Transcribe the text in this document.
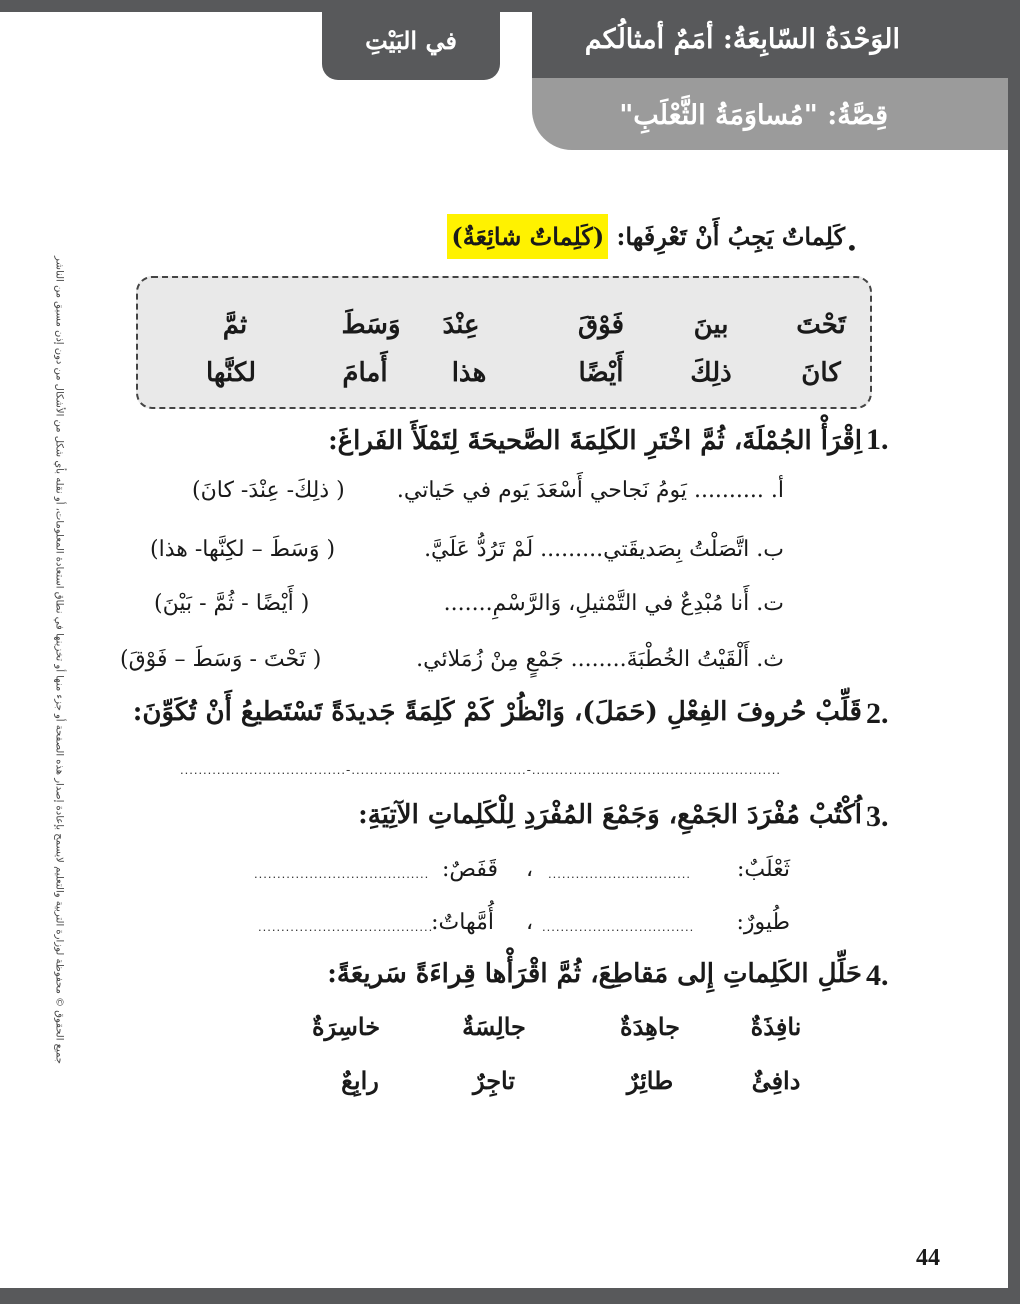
الوَحْدَةُ السّابِعَةُ: أمَمٌ أمثالُكم
في البَيْتِ
قِصَّةُ: "مُساوَمَةُ الثَّعْلَبِ"
جميع الحقوق © محفوظة لوزارة التربية والتعليم لايسمح بإعادة إصدار هذه الصفحة أو جزء منها أو تخزينها في نطاق استعادة المعلومات، أو نقله بأي شكل من الأشكال من دون إذن مسبق من الناشر
•
كَلِماتٌ يَجِبُ أَنْ تَعْرِفَها: (كَلِماتٌ شائِعَةٌ)
تَحْتَ
بينَ
فَوْقَ
عِنْدَ
وَسَطَ
ثمَّ
كانَ
ذلِكَ
أَيْضًا
هذا
أَمامَ
لكنَّها
1.
اِقْرَأْ الجُمْلَةَ، ثُمَّ اخْتَرِ الكَلِمَةَ الصَّحيحَةَ لِتَمْلَأَ الفَراغَ:
أ. .......... يَومُ نَجاحي أَسْعَدَ يَوم في حَياتي.
( ذلِكَ- عِنْدَ- كانَ)
ب. اتَّصَلْتُ بِصَديقَتي......... لَمْ تَرُدُّ عَلَيَّ.
( وَسَطَ – لكِنَّها- هذا)
ت. أَنا مُبْدِعٌ في التَّمْثيلِ، وَالرَّسْمِ.......
( أَيْضًا - ثُمَّ - بَيْنَ)
ث. أَلْقَيْتُ الخُطْبَةَ........ جَمْعٍ مِنْ زُمَلائي.
( تَحْتَ - وَسَطَ – فَوْقَ)
2.
قَلِّبْ حُروفَ الفِعْلِ (حَمَلَ)، وَانْظُرْ كَمْ كَلِمَةً جَديدَةً تَسْتَطيعُ أَنْ تُكَوِّنَ:
....................................-......................................-......................................................
3.
اُكْتُبْ مُفْرَدَ الجَمْعِ، وَجَمْعَ المُفْرَدِ لِلْكَلِماتِ الآتِيَةِ:
ثَعْلَبٌ:
...............................
،
قَفَصٌ:
......................................
طُيورٌ:
.................................
،
أُمَّهاتٌ:
......................................
4.
حَلِّلِ الكَلِماتِ إِلى مَقاطِعَ، ثُمَّ اقْرَأْها قِراءَةً سَريعَةً:
نافِذَةٌ
جاهِدَةٌ
جالِسَةٌ
خاسِرَةٌ
دافِئٌ
طائِرٌ
تاجِرٌ
رابِعٌ
44
